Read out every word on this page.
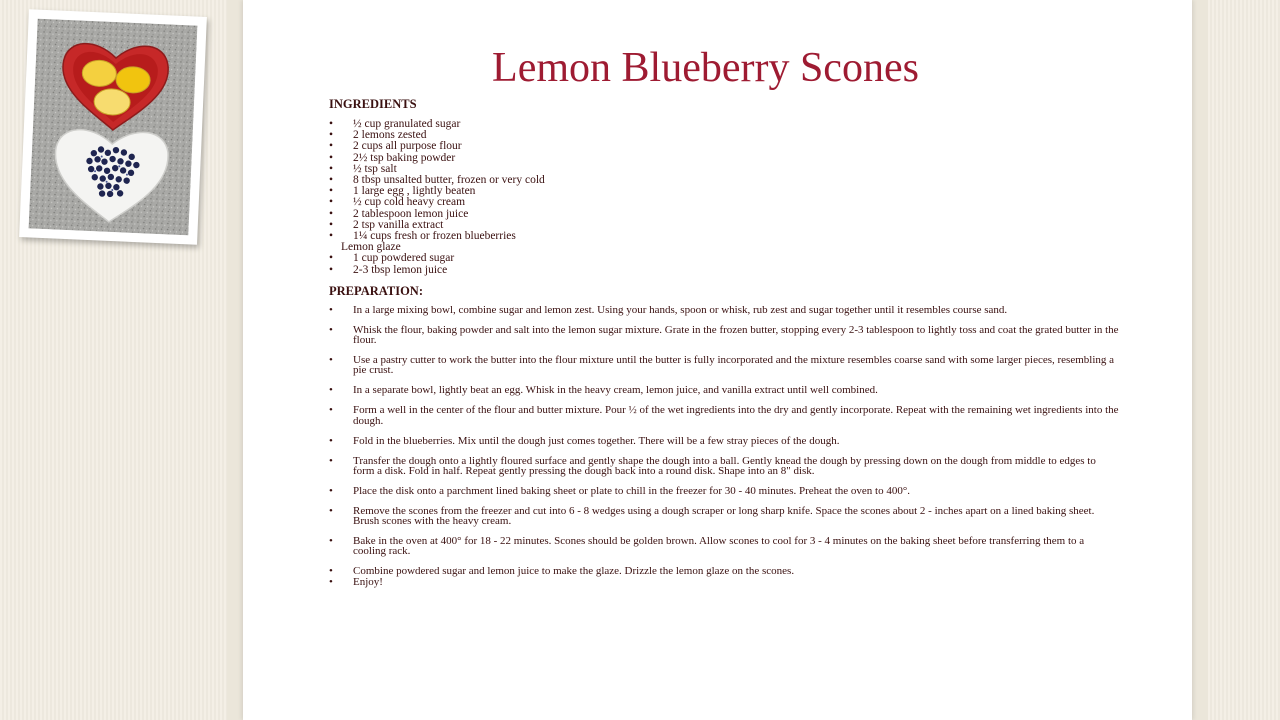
Lemon Blueberry Scones
INGREDIENTS
• ½ cup granulated sugar
• 2 lemons zested
• 2 cups all purpose flour
• 2½ tsp baking powder
• ½ tsp salt
• 8 tbsp unsalted butter, frozen or very cold
• 1 large egg , lightly beaten
• ½ cup cold heavy cream
• 2 tablespoon lemon juice
• 2 tsp vanilla extract
• 1¼ cups fresh or frozen blueberries
Lemon glaze
• 1 cup powdered sugar
• 2-3 tbsp lemon juice
PREPARATION:
• In a large mixing bowl, combine sugar and lemon zest. Using your hands, spoon or whisk, rub zest and sugar together until it resembles course sand.
• Whisk the flour, baking powder and salt into the lemon sugar mixture. Grate in the frozen butter, stopping every 2-3 tablespoon to lightly toss and coat the grated butter in the flour.
• Use a pastry cutter to work the butter into the flour mixture until the butter is fully incorporated and the mixture resembles coarse sand with some larger pieces, resembling a pie crust.
• In a separate bowl, lightly beat an egg. Whisk in the heavy cream, lemon juice, and vanilla extract until well combined.
• Form a well in the center of the flour and butter mixture. Pour ½ of the wet ingredients into the dry and gently incorporate. Repeat with the remaining wet ingredients into the dough.
• Fold in the blueberries. Mix until the dough just comes together. There will be a few stray pieces of the dough.
• Transfer the dough onto a lightly floured surface and gently shape the dough into a ball. Gently knead the dough by pressing down on the dough from middle to edges to form a disk. Fold in half. Repeat gently pressing the dough back into a round disk. Shape into an 8" disk.
• Place the disk onto a parchment lined baking sheet or plate to chill in the freezer for 30 - 40 minutes. Preheat the oven to 400°.
• Remove the scones from the freezer and cut into 6 - 8 wedges using a dough scraper or long sharp knife. Space the scones about 2 - inches apart on a lined baking sheet. Brush scones with the heavy cream.
• Bake in the oven at 400° for 18 - 22 minutes. Scones should be golden brown. Allow scones to cool for 3 - 4 minutes on the baking sheet before transferring them to a cooling rack.
• Combine powdered sugar and lemon juice to make the glaze. Drizzle the lemon glaze on the scones.
• Enjoy!
